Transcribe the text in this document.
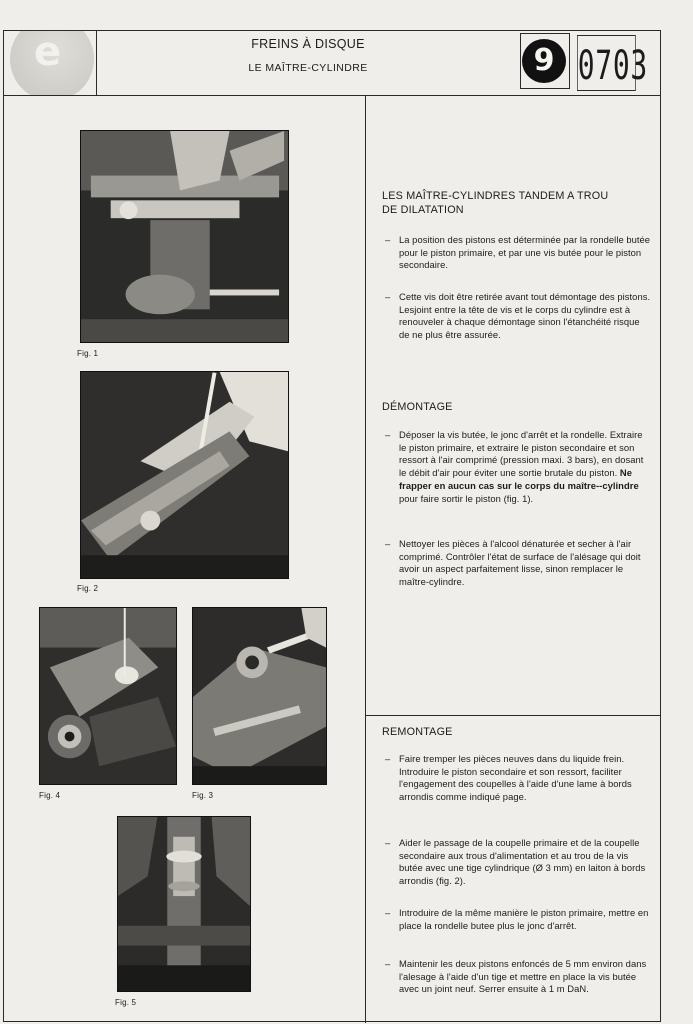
e	FREINS À DISQUE
LE MAÎTRE-CYLINDRE	9 0703
Fig. 1
Fig. 2
Fig. 4	Fig. 3
Fig. 5
LES MAÎTRE-CYLINDRES TANDEM A TROU
DE DILATATION
– La position des pistons est déterminée par la rondelle butée pour le piston primaire, et par une vis butée pour le piston secondaire.
– Cette vis doit être retirée avant tout démontage des pistons. Lesjoint entre la tête de vis et le corps du cylindre est à renouveler à chaque démontage sinon l'étanchéité risque de ne plus être assurée.
DÉMONTAGE
– Déposer la vis butée, le jonc d'arrêt et la rondelle. Extraire le piston primaire, et extraire le piston secondaire et son ressort à l'air comprimé (pression maxi. 3 bars), en dosant le débit d'air pour éviter une sortie brutale du piston. Ne frapper en aucun cas sur le corps du maître--cylindre pour faire sortir le piston (fig. 1).
– Nettoyer les pièces à l'alcool dénaturée et secher à l'air comprimé. Contrôler l'état de surface de l'alésage qui doit avoir un aspect parfaitement lisse, sinon remplacer le maître-cylindre.
REMONTAGE
– Faire tremper les pièces neuves dans du liquide frein. Introduire le piston secondaire et son ressort, faciliter l'engagement des coupelles à l'aide d'une lame à bords arrondis comme indiqué page.
– Aider le passage de la coupelle primaire et de la coupelle secondaire aux trous d'alimentation et au trou de la vis butée avec une tige cylindrique (Ø 3 mm) en laiton à bords arrondis (fig. 2).
– Introduire de la même manière le piston primaire, mettre en place la rondelle butee plus le jonc d'arrêt.
– Maintenir les deux pistons enfoncés de 5 mm environ dans l'alesage à l'aide d'un tige et mettre en place la vis butée avec un joint neuf. Serrer ensuite à 1 m DaN.
